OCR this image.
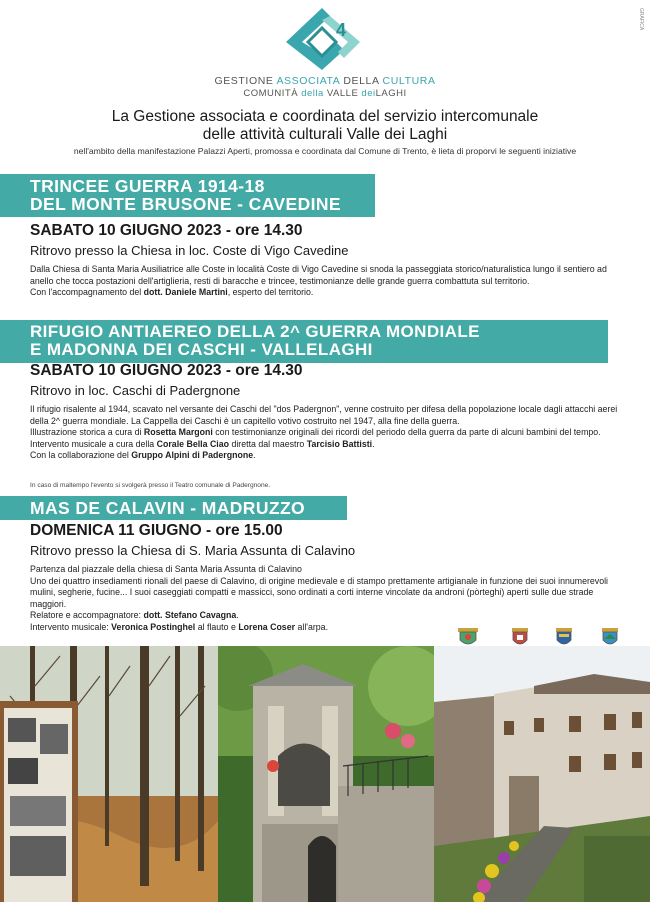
4	GRAFICA
GESTIONE ASSOCIATA DELLA CULTURA
COMUNITÀ della VALLE deiLAGHI
La Gestione associata e coordinata del servizio intercomunale
delle attività culturali Valle dei Laghi
nell'ambito della manifestazione Palazzi Aperti, promossa e coordinata dal Comune di Trento, è lieta di proporvi le seguenti iniziative
TRINCEE GUERRA 1914-18
DEL MONTE BRUSONE - CAVEDINE
SABATO 10 GIUGNO 2023 - ore 14.30
Ritrovo presso la Chiesa in loc. Coste di Vigo Cavedine

Dalla Chiesa di Santa Maria Ausiliatrice alle Coste in località Coste di Vigo Cavedine si snoda la passeggiata storico/naturalistica lungo il sentiero ad anello che tocca postazioni dell'artiglieria, resti di baracche e trincee, testimonianze delle grande guerra combattuta sul territorio.

Con l'accompagnamento del dott. Daniele Martini, esperto del territorio.

RIFUGIO ANTIAEREO DELLA 2^ GUERRA MONDIALE
E MADONNA DEI CASCHI - VALLELAGHI
SABATO 10 GIUGNO 2023 - ore 14.30
Ritrovo in loc. Caschi di Padergnone

Il rifugio risalente al 1944, scavato nel versante dei Caschi del "dos Padergnon", venne costruito per difesa della popolazione locale dagli attacchi aerei della 2^ guerra mondiale. La Cappella dei Caschi è un capitello votivo costruito nel 1947, alla fine della guerra.

Illustrazione storica a cura di Rosetta Margoni con testimonianze originali dei ricordi del periodo della guerra da parte di alcuni bambini del tempo.

Intervento musicale a cura della Corale Bella Ciao diretta dal maestro Tarcisio Battisti.

Con la collaborazione del Gruppo Alpini di Padergnone.

In caso di maltempo l'evento si svolgerà presso il Teatro comunale di Padergnone.
MAS DE CALAVIN - MADRUZZO
DOMENICA 11 GIUGNO - ore 15.00
Ritrovo presso la Chiesa di S. Maria Assunta di Calavino

Partenza dal piazzale della chiesa di Santa Maria Assunta di Calavino

Uno dei quattro insediamenti rionali del paese di Calavino, di origine medievale e di stampo prettamente artigianale in funzione dei suoi innumerevoli mulini, segherie, fucine... I suoi caseggiati compatti e massicci, sono ordinati a corti interne vincolate da androni (pòrteghi) aperti sulle due strade maggiori.

Relatore e accompagnatore: dott. Stefano Cavagna.

Intervento musicale: Veronica Postinghel al flauto e Lorena Coser all'arpa.
